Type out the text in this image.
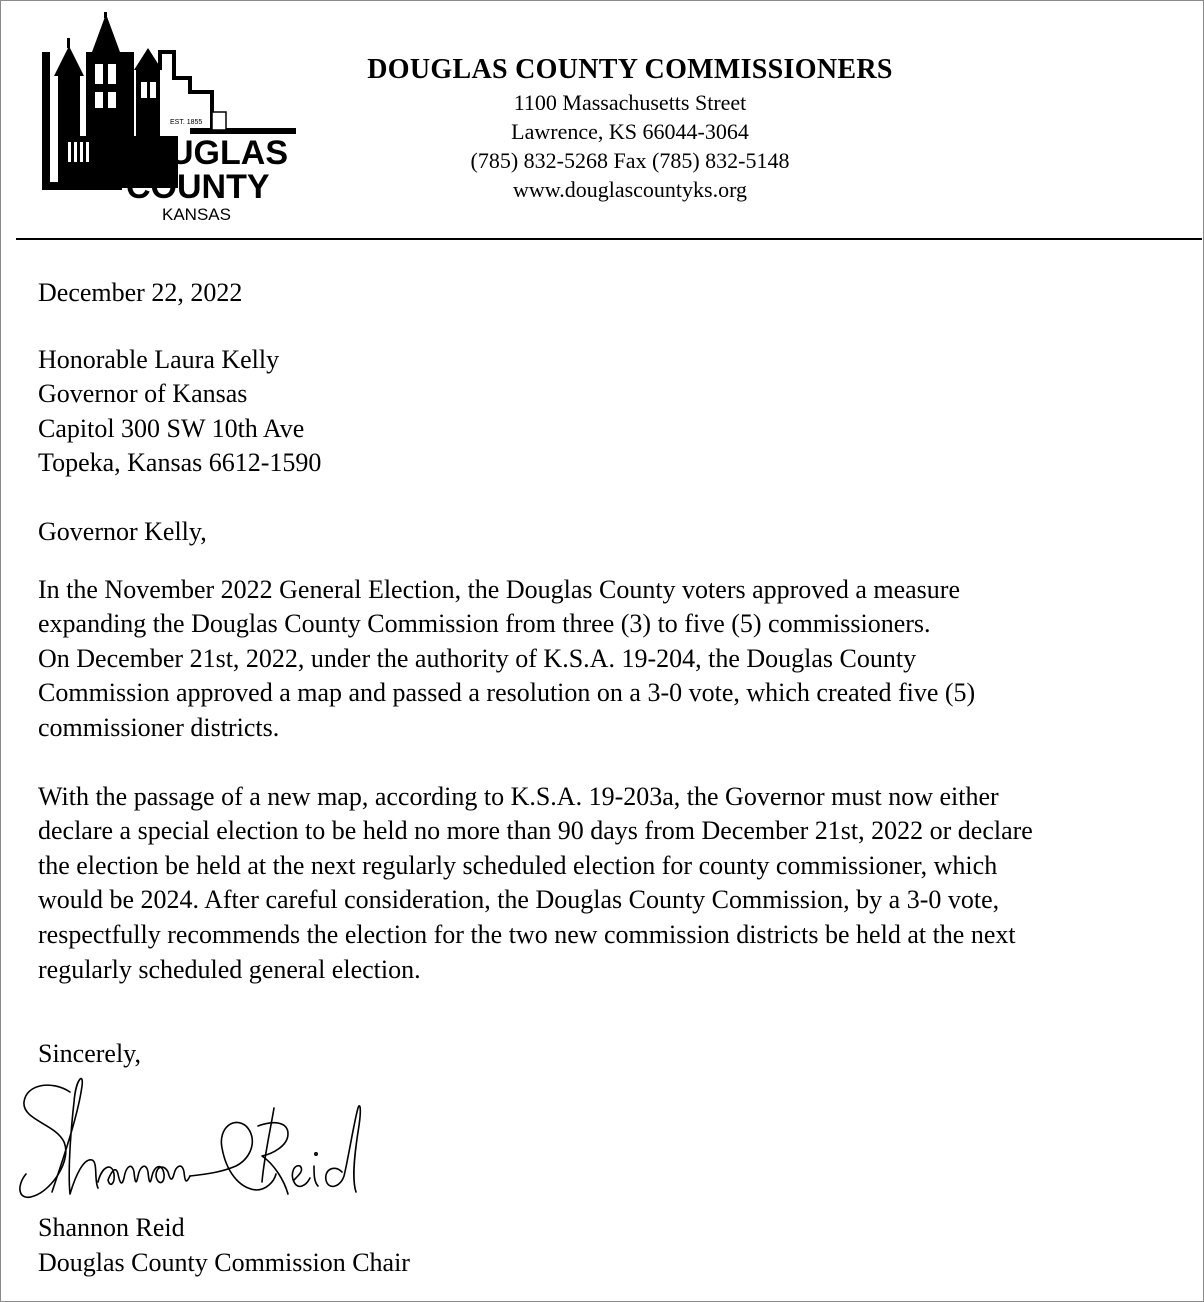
EST. 1855
DOUGLAS
COUNTY
KANSAS
DOUGLAS COUNTY COMMISSIONERS
1100 Massachusetts Street
Lawrence, KS 66044-3064
(785) 832-5268 Fax (785) 832-5148
www.douglascountyks.org
December 22, 2022
Honorable Laura Kelly
Governor of Kansas
Capitol 300 SW 10th Ave
Topeka, Kansas 6612-1590
Governor Kelly,
In the November 2022 General Election, the Douglas County voters approved a measure
expanding the Douglas County Commission from three (3) to five (5) commissioners.
On December 21st, 2022, under the authority of K.S.A. 19-204, the Douglas County
Commission approved a map and passed a resolution on a 3-0 vote, which created five (5)
commissioner districts.
With the passage of a new map, according to K.S.A. 19-203a, the Governor must now either
declare a special election to be held no more than 90 days from December 21st, 2022 or declare
the election be held at the next regularly scheduled election for county commissioner, which
would be 2024. After careful consideration, the Douglas County Commission, by a 3-0 vote,
respectfully recommends the election for the two new commission districts be held at the next
regularly scheduled general election.
Sincerely,
Shannon Reid
Shannon Reid
Douglas County Commission Chair
